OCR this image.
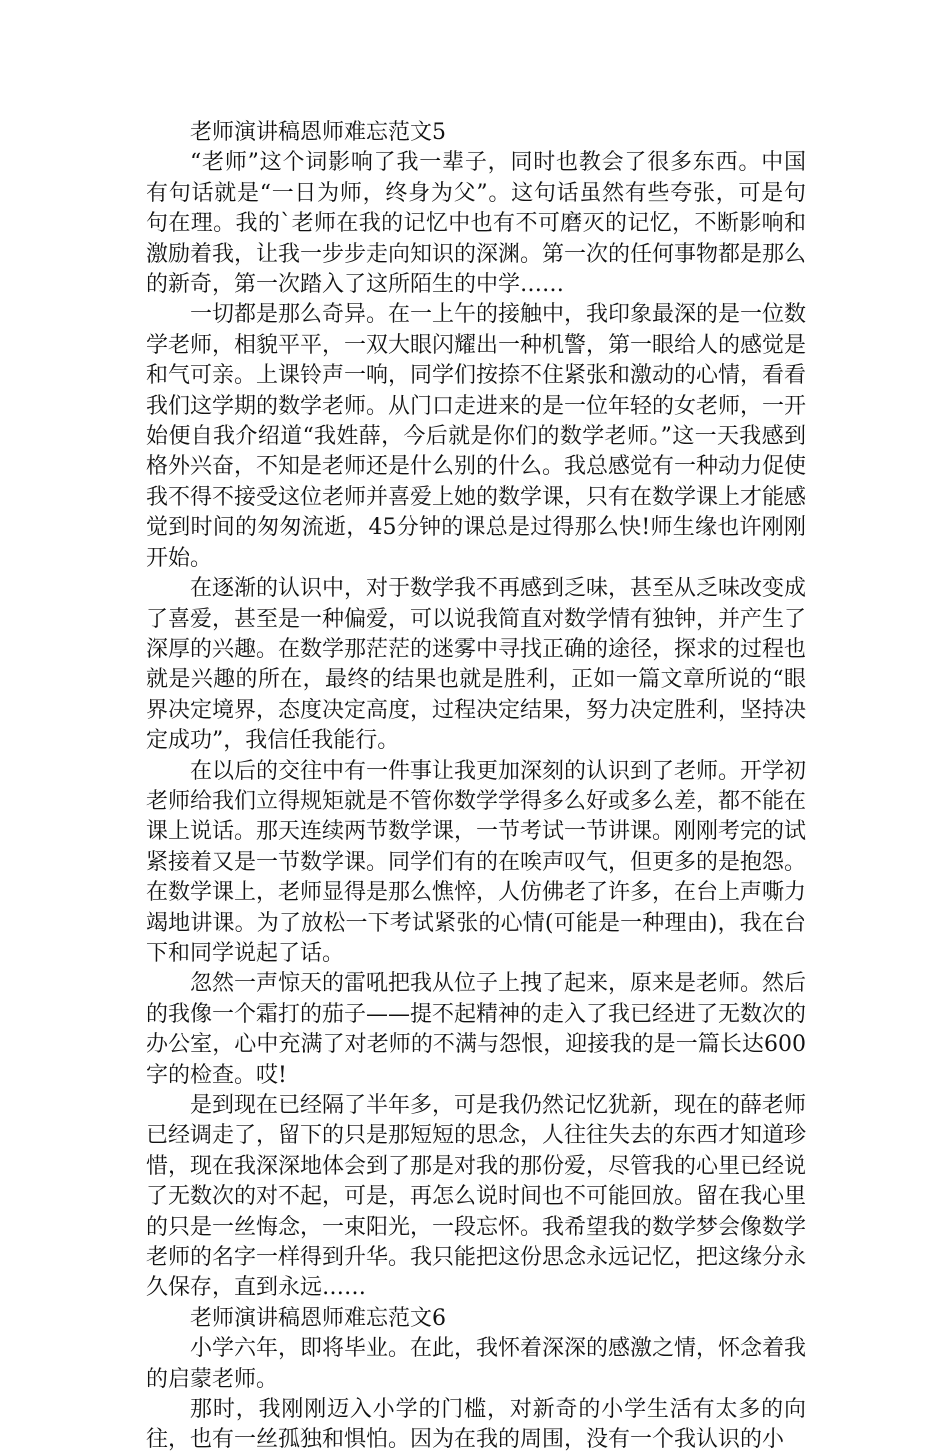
老师演讲稿恩师难忘范文5

“老师”这个词影响了我一辈子，同时也教会了很多东西。中国有句话就是“一日为师，终身为父”。这句话虽然有些夸张，可是句句在理。我的`老师在我的记忆中也有不可磨灭的记忆，不断影响和激励着我，让我一步步走向知识的深渊。第一次的任何事物都是那么的新奇，第一次踏入了这所陌生的中学……

一切都是那么奇异。在一上午的接触中，我印象最深的是一位数学老师，相貌平平，一双大眼闪耀出一种机警，第一眼给人的感觉是和气可亲。上课铃声一响，同学们按捺不住紧张和激动的心情，看看我们这学期的数学老师。从门口走进来的是一位年轻的女老师，一开始便自我介绍道“我姓薛，今后就是你们的数学老师。”这一天我感到格外兴奋，不知是老师还是什么别的什么。我总感觉有一种动力促使我不得不接受这位老师并喜爱上她的数学课，只有在数学课上才能感觉到时间的匆匆流逝，45分钟的课总是过得那么快!师生缘也许刚刚开始。

在逐渐的认识中，对于数学我不再感到乏味，甚至从乏味改变成了喜爱，甚至是一种偏爱，可以说我简直对数学情有独钟，并产生了深厚的兴趣。在数学那茫茫的迷雾中寻找正确的途径，探求的过程也就是兴趣的所在，最终的结果也就是胜利，正如一篇文章所说的“眼界决定境界，态度决定高度，过程决定结果，努力决定胜利，坚持决定成功”，我信任我能行。

在以后的交往中有一件事让我更加深刻的认识到了老师。开学初老师给我们立得规矩就是不管你数学学得多么好或多么差，都不能在课上说话。那天连续两节数学课，一节考试一节讲课。刚刚考完的试紧接着又是一节数学课。同学们有的在唉声叹气，但更多的是抱怨。在数学课上，老师显得是那么憔悴，人仿佛老了许多，在台上声嘶力竭地讲课。为了放松一下考试紧张的心情(可能是一种理由)，我在台下和同学说起了话。

忽然一声惊天的雷吼把我从位子上拽了起来，原来是老师。然后的我像一个霜打的茄子——提不起精神的走入了我已经进了无数次的办公室，心中充满了对老师的不满与怨恨，迎接我的是一篇长达600字的检查。哎!

是到现在已经隔了半年多，可是我仍然记忆犹新，现在的薛老师已经调走了，留下的只是那短短的思念，人往往失去的东西才知道珍惜，现在我深深地体会到了那是对我的那份爱，尽管我的心里已经说了无数次的对不起，可是，再怎么说时间也不可能回放。留在我心里的只是一丝悔念，一束阳光，一段忘怀。我希望我的数学梦会像数学老师的名字一样得到升华。我只能把这份思念永远记忆，把这缘分永久保存，直到永远……

老师演讲稿恩师难忘范文6

小学六年，即将毕业。在此，我怀着深深的感激之情，怀念着我的启蒙老师。

那时，我刚刚迈入小学的门槛，对新奇的小学生活有太多的向往，也有一丝孤独和惧怕。因为在我的周围，没有一个我认识的小
